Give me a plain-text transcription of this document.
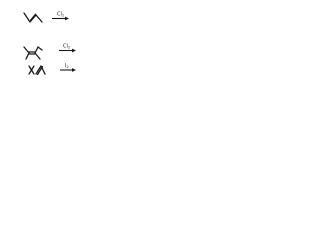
$Cl_2$
$Cl_2$
$I_2$
